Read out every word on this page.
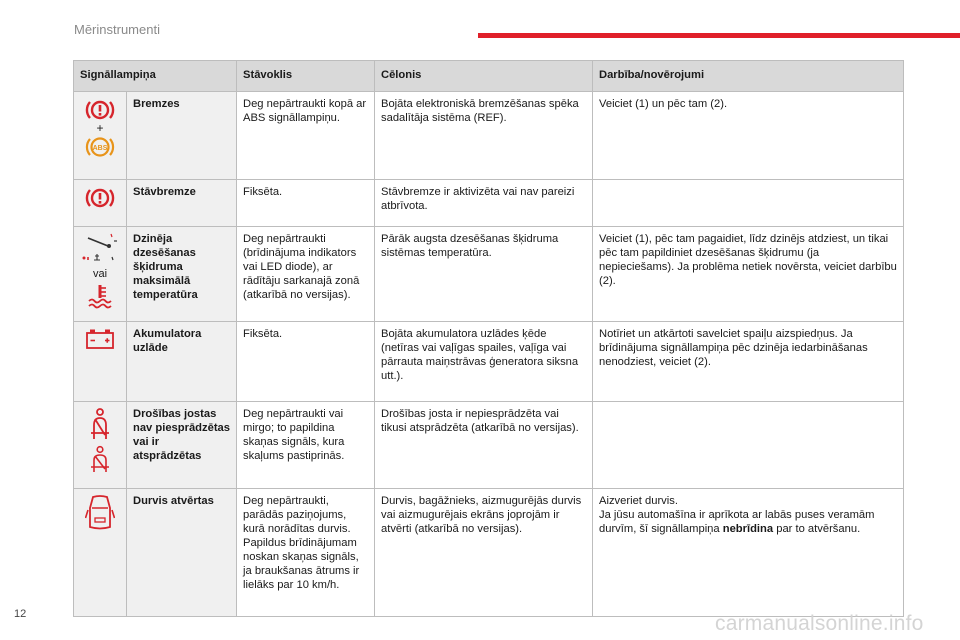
Mērinstrumenti
Signāllampiņa		Stāvoklis	Cēlonis	Darbība/novērojumi

+
ABS	Bremzes	Deg nepārtraukti kopā ar ABS signāllampiņu.	Bojāta elektroniskā bremzēšanas spēka sadalītāja sistēma (REF).	Veiciet (1) un pēc tam (2).

	Stāvbremze	Fiksēta.	Stāvbremze ir aktivizēta vai nav pareizi atbrīvota.	

vai	Dzinēja dzesēšanas šķidruma maksimālā temperatūra	Deg nepārtraukti (brīdinājuma indikators vai LED diode), ar rādītāju sarkanajā zonā (atkarībā no versijas).	Pārāk augsta dzesēšanas šķidruma sistēmas temperatūra.	Veiciet (1), pēc tam pagaidiet, līdz dzinējs atdziest, un tikai pēc tam papildiniet dzesēšanas šķidrumu (ja nepieciešams). Ja problēma netiek novērsta, veiciet darbību (2).

	Akumulatora uzlāde	Fiksēta.	Bojāta akumulatora uzlādes ķēde (netīras vai vaļīgas spailes, vaļīga vai pārrauta maiņstrāvas ģeneratora siksna utt.).	Notīriet un atkārtoti savelciet spaiļu aizspiedņus. Ja brīdinājuma signāllampiņa pēc dzinēja iedarbināšanas nenodziest, veiciet (2).

	Drošības jostas nav piesprādzētas vai ir atsprādzētas	Deg nepārtraukti vai mirgo; to papildina skaņas signāls, kura skaļums pastiprinās.	Drošības josta ir nepiesprādzēta vai tikusi atsprādzēta (atkarībā no versijas).	

	Durvis atvērtas	Deg nepārtraukti, parādās paziņojums, kurā norādītas durvis. Papildus brīdinājumam noskan skaņas signāls, ja braukšanas ātrums ir lielāks par 10 km/h.	Durvis, bagāžnieks, aizmugurējās durvis vai aizmugurējais ekrāns joprojām ir atvērti (atkarībā no versijas).	Aizveriet durvis.
Ja jūsu automašīna ir aprīkota ar labās puses veramām durvīm, šī signāllampiņa nebrīdina par to atvēršanu.
12	carmanualsonline.info
